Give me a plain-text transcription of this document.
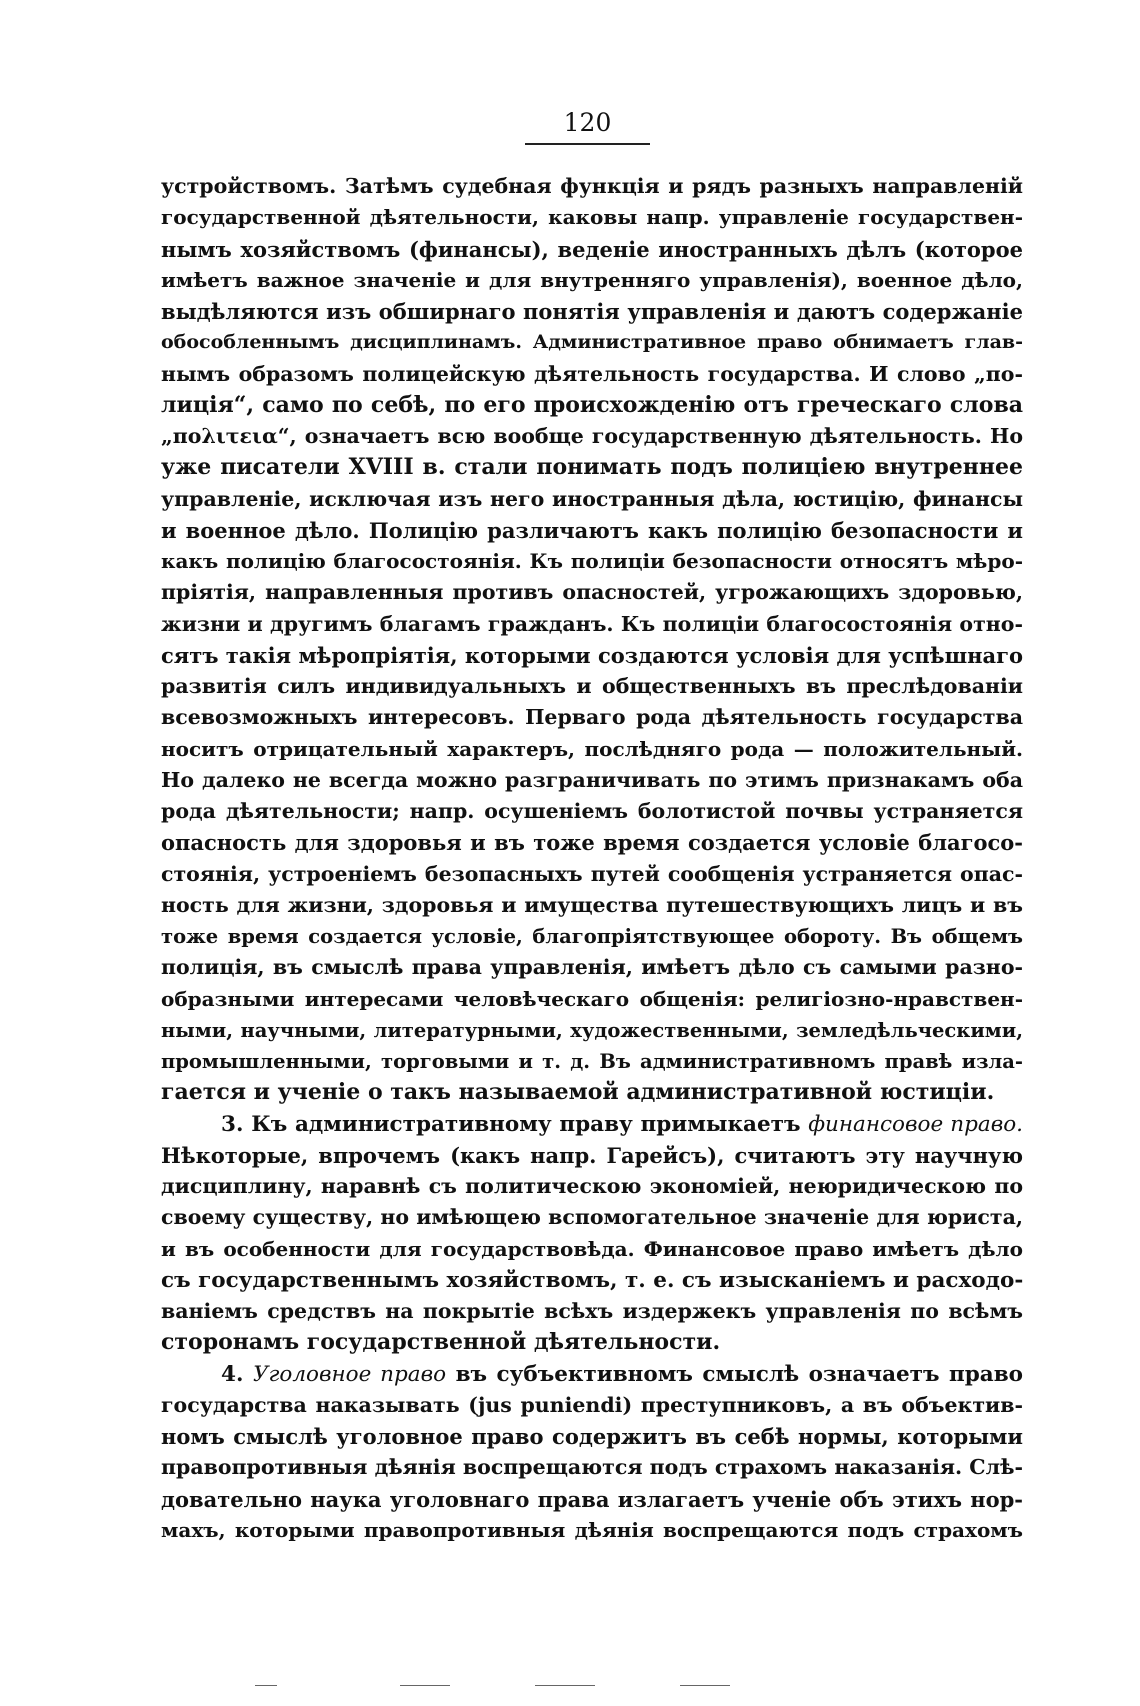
120
устройствомъ. Затѣмъ судебная функція и рядъ разныхъ направленій
государственной дѣятельности, каковы напр. управленіе государствен-
нымъ хозяйствомъ (финансы), веденіе иностранныхъ дѣлъ (которое
имѣетъ важное значеніе и для внутренняго управленія), военное дѣло,
выдѣляются изъ обширнаго понятія управленія и даютъ содержаніе
обособленнымъ дисциплинамъ. Административное право обнимаетъ глав-
нымъ образомъ полицейскую дѣятельность государства. И слово „по-
лиція“, само по себѣ, по его происхожденію отъ греческаго слова
„πολιτεια“, означаетъ всю вообще государственную дѣятельность. Но
уже писатели XVIII в. стали понимать подъ полиціею внутреннее
управленіе, исключая изъ него иностранныя дѣла, юстицію, финансы
и военное дѣло. Полицію различаютъ какъ полицію безопасности и
какъ полицію благосостоянія. Къ полиціи безопасности относятъ мѣро-
пріятія, направленныя противъ опасностей, угрожающихъ здоровью,
жизни и другимъ благамъ гражданъ. Къ полиціи благосостоянія отно-
сятъ такія мѣропріятія, которыми создаются условія для успѣшнаго
развитія силъ индивидуальныхъ и общественныхъ въ преслѣдованіи
всевозможныхъ интересовъ. Перваго рода дѣятельность государства
носитъ отрицательный характеръ, послѣдняго рода — положительный.
Но далеко не всегда можно разграничивать по этимъ признакамъ оба
рода дѣятельности; напр. осушеніемъ болотистой почвы устраняется
опасность для здоровья и въ тоже время создается условіе благосо-
стоянія, устроеніемъ безопасныхъ путей сообщенія устраняется опас-
ность для жизни, здоровья и имущества путешествующихъ лицъ и въ
тоже время создается условіе, благопріятствующее обороту. Въ общемъ
полиція, въ смыслѣ права управленія, имѣетъ дѣло съ самыми разно-
образными интересами человѣческаго общенія: религіозно-нравствен-
ными, научными, литературными, художественными, земледѣльческими,
промышленными, торговыми и т. д. Въ административномъ правѣ изла-
гается и ученіе о такъ называемой административной юстиціи.
3. Къ административному праву примыкаетъ финансовое право.
Нѣкоторые, впрочемъ (какъ напр. Гарейсъ), считаютъ эту научную
дисциплину, наравнѣ съ политическою экономіей, неюридическою по
своему существу, но имѣющею вспомогательное значеніе для юриста,
и въ особенности для государствовѣда. Финансовое право имѣетъ дѣло
съ государственнымъ хозяйствомъ, т. е. съ изысканіемъ и расходо-
ваніемъ средствъ на покрытіе всѣхъ издержекъ управленія по всѣмъ
сторонамъ государственной дѣятельности.
4. Уголовное право въ субъективномъ смыслѣ означаетъ право
государства наказывать (jus puniendi) преступниковъ, а въ объектив-
номъ смыслѣ уголовное право содержитъ въ себѣ нормы, которыми
правопротивныя дѣянія воспрещаются подъ страхомъ наказанія. Слѣ-
довательно наука уголовнаго права излагаетъ ученіе объ этихъ нор-
махъ, которыми правопротивныя дѣянія воспрещаются подъ страхомъ
